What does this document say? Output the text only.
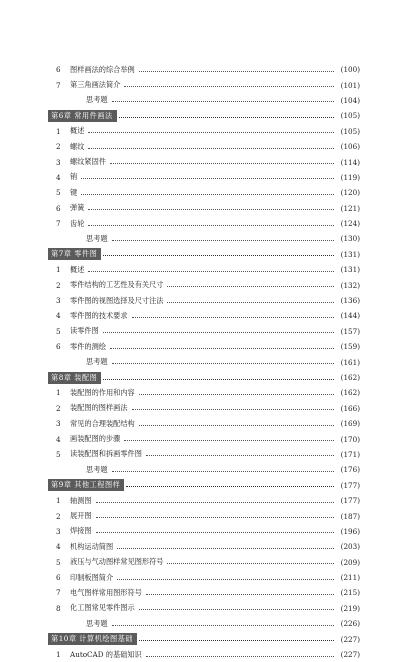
6	图样画法的综合举例	(100)
7	第三角画法简介	(101)
思考题	(104)
第6章 常用件画法	(105)
1	概述	(105)
2	螺纹	(106)
3	螺纹紧固件	(114)
4	销	(119)
5	键	(120)
6	弹簧	(121)
7	齿轮	(124)
思考题	(130)
第7章 零件图	(131)
1	概述	(131)
2	零件结构的工艺性及有关尺寸	(132)
3	零件图的视图选择及尺寸注法	(136)
4	零件图的技术要求	(144)
5	读零件图	(157)
6	零件的测绘	(159)
思考题	(161)
第8章 装配图	(162)
1	装配图的作用和内容	(162)
2	装配图的图样画法	(166)
3	常见的合理装配结构	(169)
4	画装配图的步骤	(170)
5	读装配图和拆画零件图	(171)
思考题	(176)
第9章 其他工程图样	(177)
1	轴测图	(177)
2	展开图	(187)
3	焊接图	(196)
4	机构运动简图	(203)
5	液压与气动图样常见图形符号	(209)
6	印制板图简介	(211)
7	电气图样常用图形符号	(215)
8	化工图常见零件图示	(219)
思考题	(226)
第10章 计算机绘图基础	(227)
1	AutoCAD 的基础知识	(227)
